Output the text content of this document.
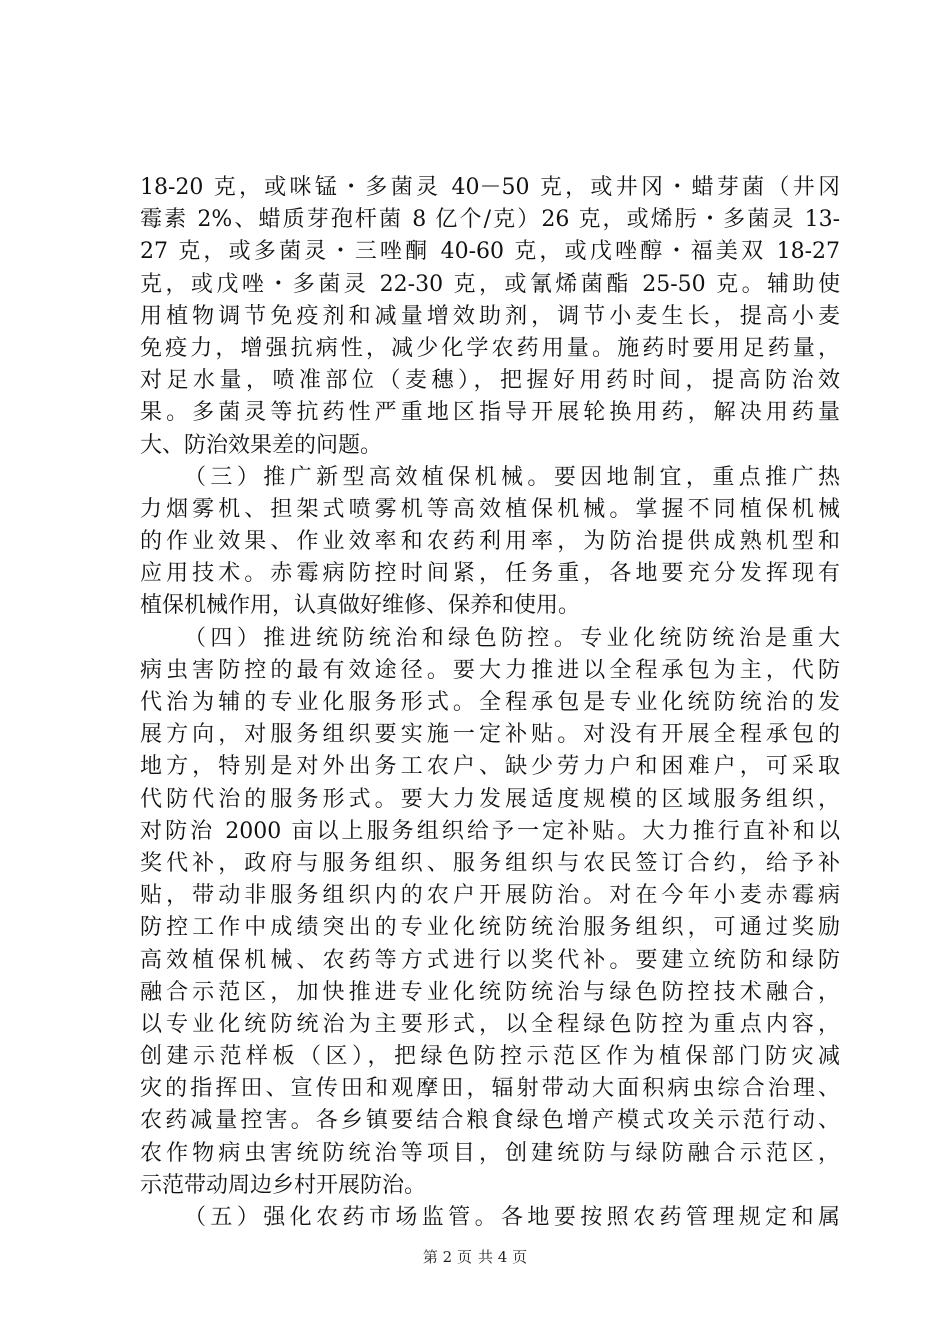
18-20 克，或咪锰・多菌灵 40－50 克，或井冈・蜡芽菌（井冈
霉素 2%、蜡质芽孢杆菌 8 亿个/克）26 克，或烯肟・多菌灵 13-
27 克，或多菌灵・三唑酮 40-60 克，或戊唑醇・福美双 18-27
克，或戊唑・多菌灵 22-30 克，或氰烯菌酯 25-50 克。辅助使
用植物调节免疫剂和减量增效助剂，调节小麦生长，提高小麦
免疫力，增强抗病性，减少化学农药用量。施药时要用足药量，
对足水量，喷准部位（麦穗），把握好用药时间，提高防治效
果。多菌灵等抗药性严重地区指导开展轮换用药，解决用药量
大、防治效果差的问题。
（三）推广新型高效植保机械。要因地制宜，重点推广热
力烟雾机、担架式喷雾机等高效植保机械。掌握不同植保机械
的作业效果、作业效率和农药利用率，为防治提供成熟机型和
应用技术。赤霉病防控时间紧，任务重，各地要充分发挥现有
植保机械作用，认真做好维修、保养和使用。
（四）推进统防统治和绿色防控。专业化统防统治是重大
病虫害防控的最有效途径。要大力推进以全程承包为主，代防
代治为辅的专业化服务形式。全程承包是专业化统防统治的发
展方向，对服务组织要实施一定补贴。对没有开展全程承包的
地方，特别是对外出务工农户、缺少劳力户和困难户，可采取
代防代治的服务形式。要大力发展适度规模的区域服务组织，
对防治 2000 亩以上服务组织给予一定补贴。大力推行直补和以
奖代补，政府与服务组织、服务组织与农民签订合约，给予补
贴，带动非服务组织内的农户开展防治。对在今年小麦赤霉病
防控工作中成绩突出的专业化统防统治服务组织，可通过奖励
高效植保机械、农药等方式进行以奖代补。要建立统防和绿防
融合示范区，加快推进专业化统防统治与绿色防控技术融合，
以专业化统防统治为主要形式，以全程绿色防控为重点内容，
创建示范样板（区），把绿色防控示范区作为植保部门防灾减
灾的指挥田、宣传田和观摩田，辐射带动大面积病虫综合治理、
农药减量控害。各乡镇要结合粮食绿色增产模式攻关示范行动、
农作物病虫害统防统治等项目，创建统防与绿防融合示范区，
示范带动周边乡村开展防治。
（五）强化农药市场监管。各地要按照农药管理规定和属
第 2 页 共 4 页
